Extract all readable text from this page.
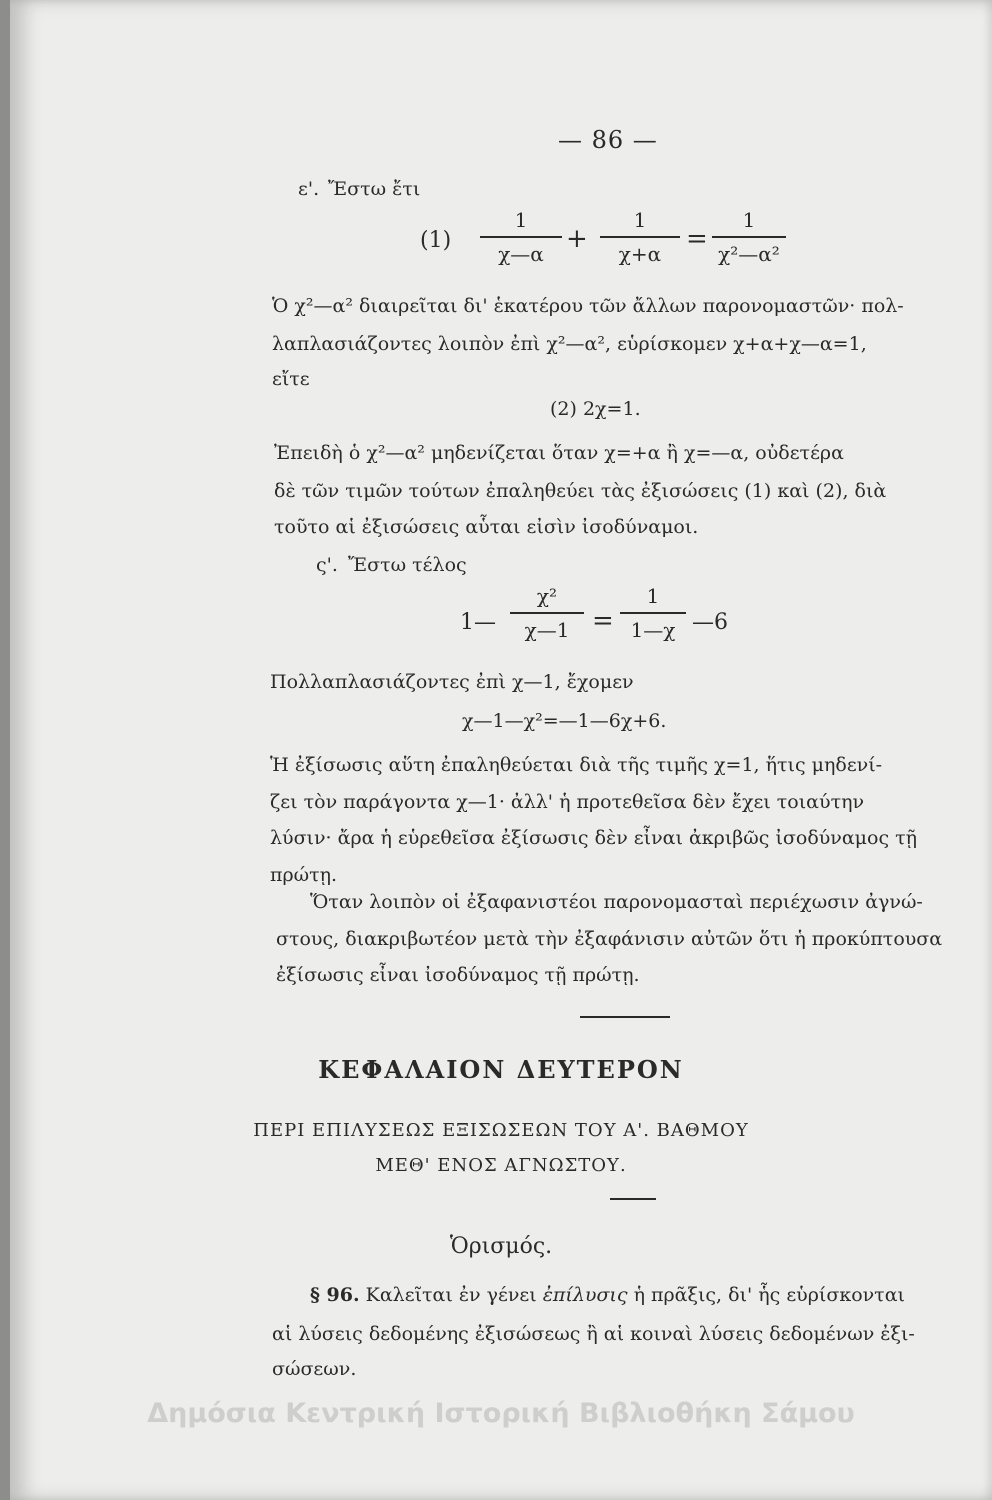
— 86 —
ε'. Ἔστω ἔτι
(1)
1
χ—α +
1
χ+α =
1
χ²—α²
Ὁ χ²—α² διαιρεῖται δι' ἑκατέρου τῶν ἄλλων παρονομαστῶν· πολ-
λαπλασιάζοντες λοιπὸν ἐπὶ χ²—α², εὑρίσκομεν χ+α+χ—α=1,
εἴτε
(2) 2χ=1.
Ἐπειδὴ ὁ χ²—α² μηδενίζεται ὅταν χ=+α ἢ χ=—α, οὐδετέρα
δὲ τῶν τιμῶν τούτων ἐπαληθεύει τὰς ἐξισώσεις (1) καὶ (2), διὰ
τοῦτο αἱ ἐξισώσεις αὗται εἰσὶν ἰσοδύναμοι.
ς'. Ἔστω τέλος
1—
χ²
χ—1 =
1
1—χ —6
Πολλαπλασιάζοντες ἐπὶ χ—1, ἔχομεν
χ—1—χ²=—1—6χ+6.
Ἡ ἐξίσωσις αὕτη ἐπαληθεύεται διὰ τῆς τιμῆς χ=1, ἥτις μηδενί-
ζει τὸν παράγοντα χ—1· ἀλλ' ἡ προτεθεῖσα δὲν ἔχει τοιαύτην
λύσιν· ἄρα ἡ εὑρεθεῖσα ἐξίσωσις δὲν εἶναι ἀκριβῶς ἰσοδύναμος τῇ
πρώτῃ.
Ὅταν λοιπὸν οἱ ἐξαφανιστέοι παρονομασταὶ περιέχωσιν ἀγνώ-
στους, διακριβωτέον μετὰ τὴν ἐξαφάνισιν αὐτῶν ὅτι ἡ προκύπτουσα
ἐξίσωσις εἶναι ἰσοδύναμος τῇ πρώτῃ.
ΚΕΦΑΛΑΙΟΝ ΔΕΥΤΕΡΟΝ
ΠΕΡΙ ΕΠΙΛΥΣΕΩΣ ΕΞΙΣΩΣΕΩΝ ΤΟΥ Α'. ΒΑΘΜΟΥ
ΜΕΘ' ΕΝΟΣ ΑΓΝΩΣΤΟΥ.
Ὁρισμός.
§ 96. Καλεῖται ἐν γένει ἐπίλυσις ἡ πρᾶξις, δι' ἧς εὑρίσκονται
αἱ λύσεις δεδομένης ἐξισώσεως ἢ αἱ κοιναὶ λύσεις δεδομένων ἐξι-
σώσεων.
Δημόσια Κεντρική Ιστορική Βιβλιοθήκη Σάμου
